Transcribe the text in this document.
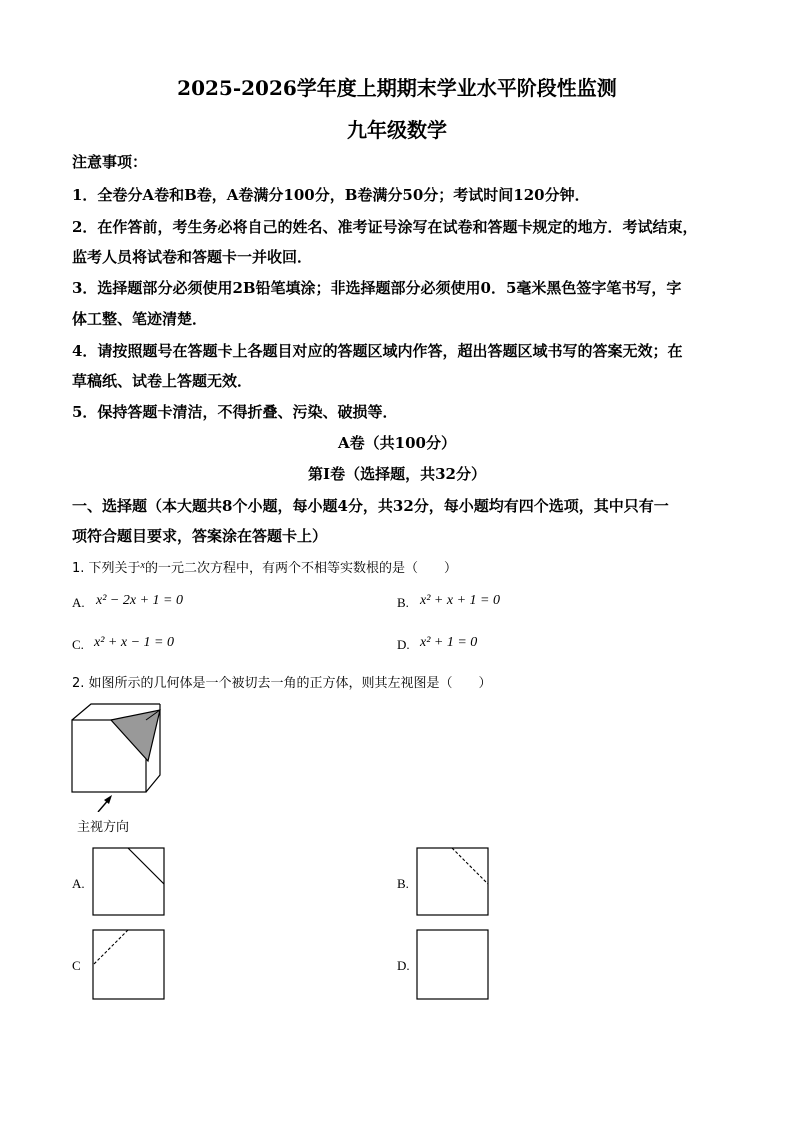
2025-2026学年度上期期末学业水平阶段性监测
九年级数学
注意事项：
1．全卷分A卷和B卷，A卷满分100分，B卷满分50分；考试时间120分钟．
2．在作答前，考生务必将自己的姓名、准考证号涂写在试卷和答题卡规定的地方．考试结束，
监考人员将试卷和答题卡一并收回．
3．选择题部分必须使用2B铅笔填涂；非选择题部分必须使用0．5毫米黑色签字笔书写，字
体工整、笔迹清楚．
4．请按照题号在答题卡上各题目对应的答题区域内作答，超出答题区域书写的答案无效；在
草稿纸、试卷上答题无效．
5．保持答题卡清洁，不得折叠、污染、破损等．
A卷（共100分）
第I卷（选择题，共32分）
一、选择题（本大题共8个小题，每小题4分，共32分，每小题均有四个选项，其中只有一
项符合题目要求，答案涂在答题卡上）
1. 下列关于$^x$的一元二次方程中，有两个不相等实数根的是（　　）
A. x² − 2x + 1 = 0	B. x² + x + 1 = 0
C. x² + x − 1 = 0	D. x² + 1 = 0
2. 如图所示的几何体是一个被切去一角的正方体，则其左视图是（　　）
主视方向
A.	B.
C	D.
